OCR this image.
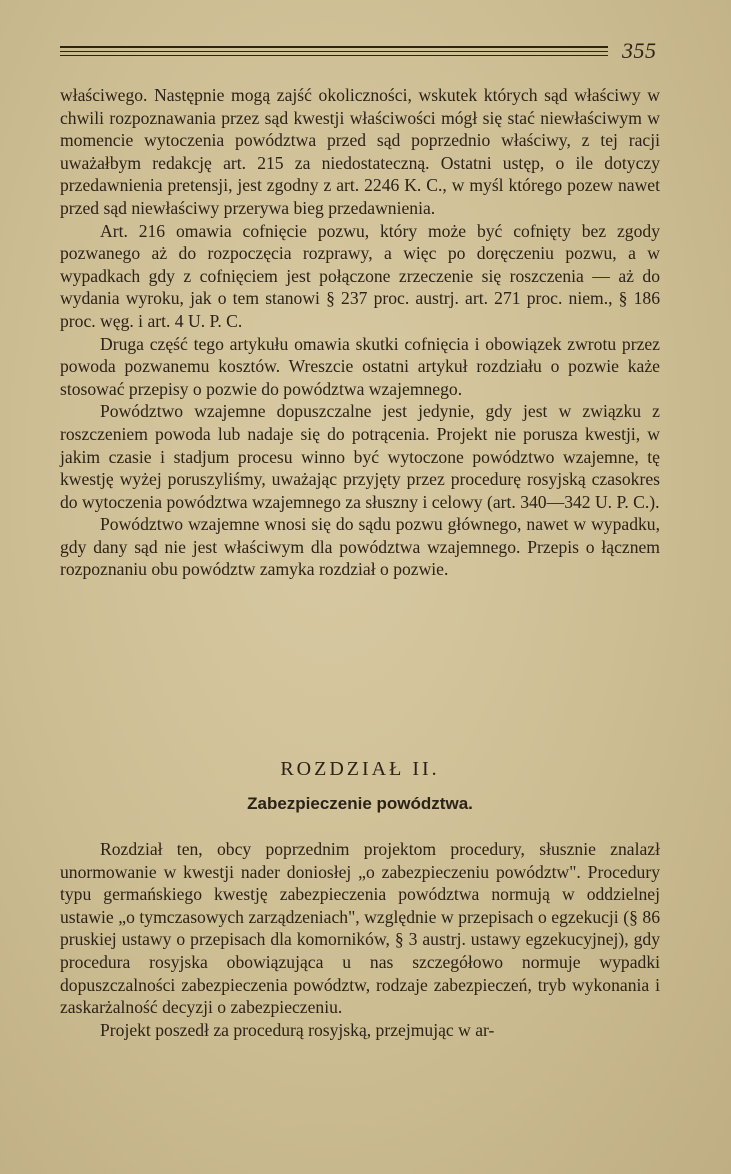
355

właściwego. Następnie mogą zajść okoliczności, wskutek których sąd właściwy w chwili rozpoznawania przez sąd kwestji właściwości mógł się stać niewłaściwym w momencie wytoczenia powództwa przed sąd poprzednio właściwy, z tej racji uważałbym redakcję art. 215 za niedostateczną. Ostatni ustęp, o ile dotyczy przedawnienia pretensji, jest zgodny z art. 2246 K. C., w myśl którego pozew nawet przed sąd niewłaściwy przerywa bieg przedawnienia.

Art. 216 omawia cofnięcie pozwu, który może być cofnięty bez zgody pozwanego aż do rozpoczęcia rozprawy, a więc po doręczeniu pozwu, a w wypadkach gdy z cofnięciem jest połączone zrzeczenie się roszczenia — aż do wydania wyroku, jak o tem stanowi § 237 proc. austrj. art. 271 proc. niem., § 186 proc. węg. i art. 4 U. P. C.

Druga część tego artykułu omawia skutki cofnięcia i obowiązek zwrotu przez powoda pozwanemu kosztów. Wreszcie ostatni artykuł rozdziału o pozwie każe stosować przepisy o pozwie do powództwa wzajemnego.

Powództwo wzajemne dopuszczalne jest jedynie, gdy jest w związku z roszczeniem powoda lub nadaje się do potrącenia. Projekt nie porusza kwestji, w jakim czasie i stadjum procesu winno być wytoczone powództwo wzajemne, tę kwestję wyżej poruszyliśmy, uważając przyjęty przez procedurę rosyjską czasokres do wytoczenia powództwa wzajemnego za słuszny i celowy (art. 340—342 U. P. C.).

Powództwo wzajemne wnosi się do sądu pozwu głównego, nawet w wypadku, gdy dany sąd nie jest właściwym dla powództwa wzajemnego. Przepis o łącznem rozpoznaniu obu powództw zamyka rozdział o pozwie.

ROZDZIAŁ II.
Zabezpieczenie powództwa.

Rozdział ten, obcy poprzednim projektom procedury, słusznie znalazł unormowanie w kwestji nader doniosłej „o zabezpieczeniu powództw". Procedury typu germańskiego kwestję zabezpieczenia powództwa normują w oddzielnej ustawie „o tymczasowych zarządzeniach", względnie w przepisach o egzekucji (§ 86 pruskiej ustawy o przepisach dla komorników, § 3 austrj. ustawy egzekucyjnej), gdy procedura rosyjska obowiązująca u nas szczegółowo normuje wypadki dopuszczalności zabezpieczenia powództw, rodzaje zabezpieczeń, tryb wykonania i zaskarżalność decyzji o zabezpieczeniu.

Projekt poszedł za procedurą rosyjską, przejmując w ar-
